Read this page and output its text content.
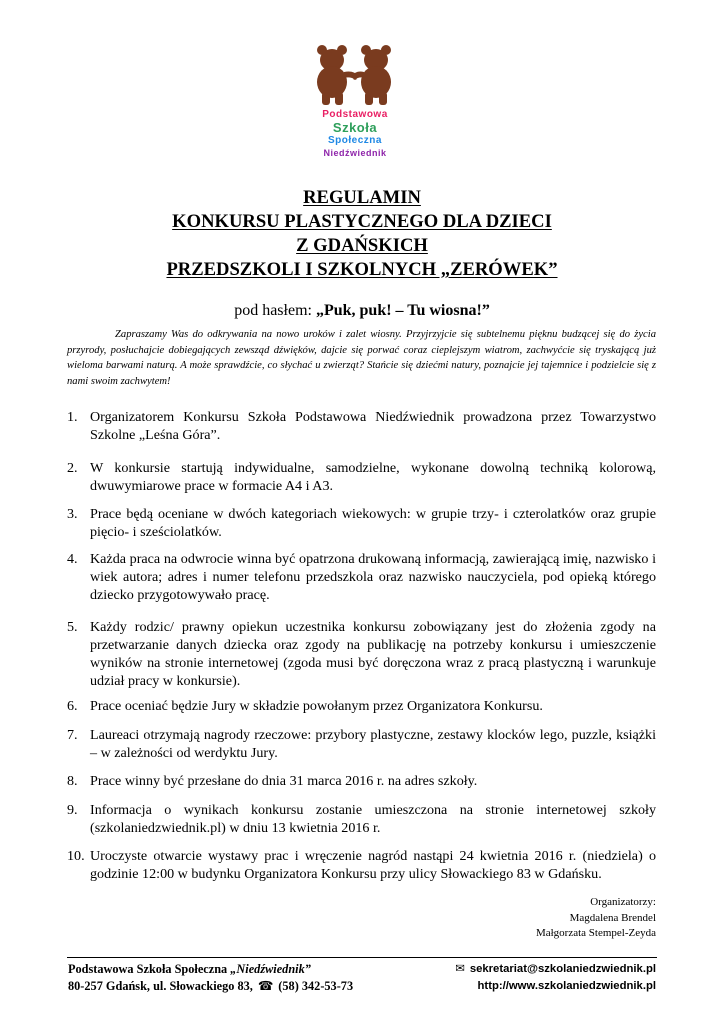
Podstawowa
Szkoła
Społeczna
Niedźwiednik
REGULAMIN
KONKURSU PLASTYCZNEGO DLA DZIECI
Z GDAŃSKICH
PRZEDSZKOLI I SZKOLNYCH „ZERÓWEK”
pod hasłem: „Puk, puk! – Tu wiosna!”
Zapraszamy Was do odkrywania na nowo uroków i zalet wiosny. Przyjrzyjcie się subtelnemu pięknu budzącej się do życia przyrody, posłuchajcie dobiegających zewsząd dźwięków, dajcie się porwać coraz cieplejszym wiatrom, zachwyćcie się tryskającą już wieloma barwami naturą. A może sprawdźcie, co słychać u zwierząt? Stańcie się dziećmi natury, poznajcie jej tajemnice i podzielcie się z nami swoim zachwytem!
1. Organizatorem Konkursu Szkoła Podstawowa Niedźwiednik prowadzona przez Towarzystwo Szkolne „Leśna Góra”.
2. W konkursie startują indywidualne, samodzielne, wykonane dowolną techniką kolorową, dwuwymiarowe prace w formacie A4 i A3.
3. Prace będą oceniane w dwóch kategoriach wiekowych: w grupie trzy- i czterolatków oraz grupie pięcio- i sześciolatków.
4. Każda praca na odwrocie winna być opatrzona drukowaną informacją, zawierającą imię, nazwisko i wiek autora; adres i numer telefonu przedszkola oraz nazwisko nauczyciela, pod opieką którego dziecko przygotowywało pracę.
5. Każdy rodzic/ prawny opiekun uczestnika konkursu zobowiązany jest do złożenia zgody na przetwarzanie danych dziecka oraz zgody na publikację na potrzeby konkursu i umieszczenie wyników na stronie internetowej (zgoda musi być doręczona wraz z pracą plastyczną i warunkuje udział pracy w konkursie).
6. Prace oceniać będzie Jury w składzie powołanym przez Organizatora Konkursu.
7. Laureaci otrzymają nagrody rzeczowe: przybory plastyczne, zestawy klocków lego, puzzle, książki – w zależności od werdyktu Jury.
8. Prace winny być przesłane do dnia 31 marca 2016 r. na adres szkoły.
9. Informacja o wynikach konkursu zostanie umieszczona na stronie internetowej szkoły (szkolaniedzwiednik.pl) w dniu 13 kwietnia 2016 r.
10. Uroczyste otwarcie wystawy prac i wręczenie nagród nastąpi 24 kwietnia 2016 r. (niedziela) o godzinie 12:00 w budynku Organizatora Konkursu przy ulicy Słowackiego 83 w Gdańsku.
Organizatorzy:
Magdalena Brendel
Małgorzata Stempel-Zeyda
Podstawowa Szkoła Społeczna „Niedźwiednik”
80-257 Gdańsk, ul. Słowackiego 83, ☎ (58) 342-53-73
✉ sekretariat@szkolaniedzwiednik.pl
http://www.szkolaniedzwiednik.pl
